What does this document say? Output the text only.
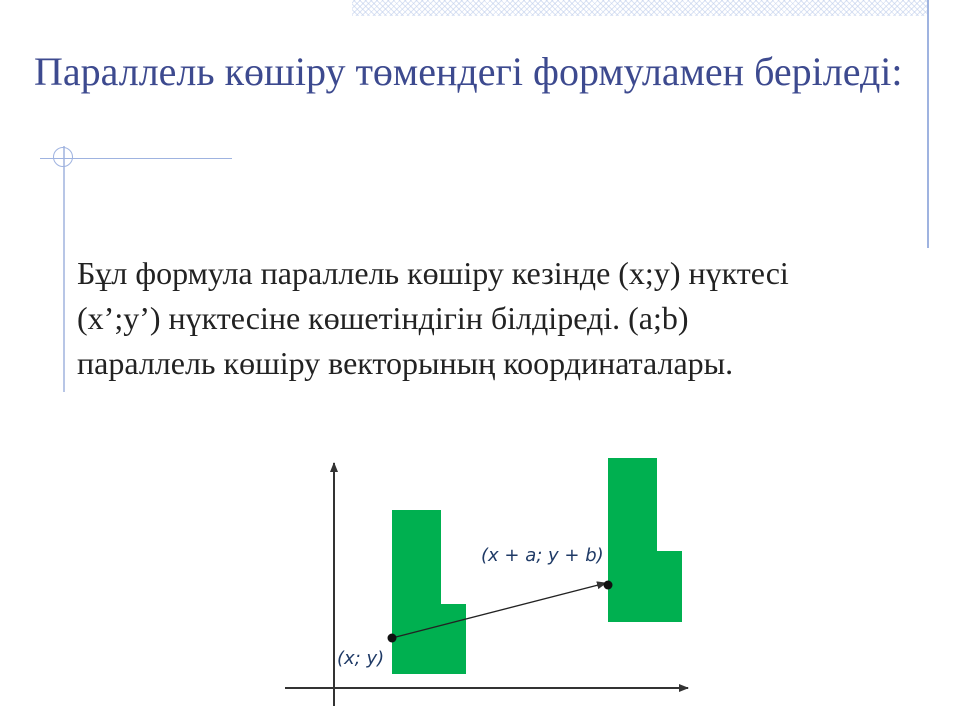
Параллель көшіру төмендегі формуламен беріледі:
Бұл формула параллель көшіру кезінде (x;y) нүктесі
(x’;y’) нүктесіне көшетіндігін білдіреді. (a;b)
параллель көшіру векторының координаталары.
(x; y)
(x + a; y + b)
